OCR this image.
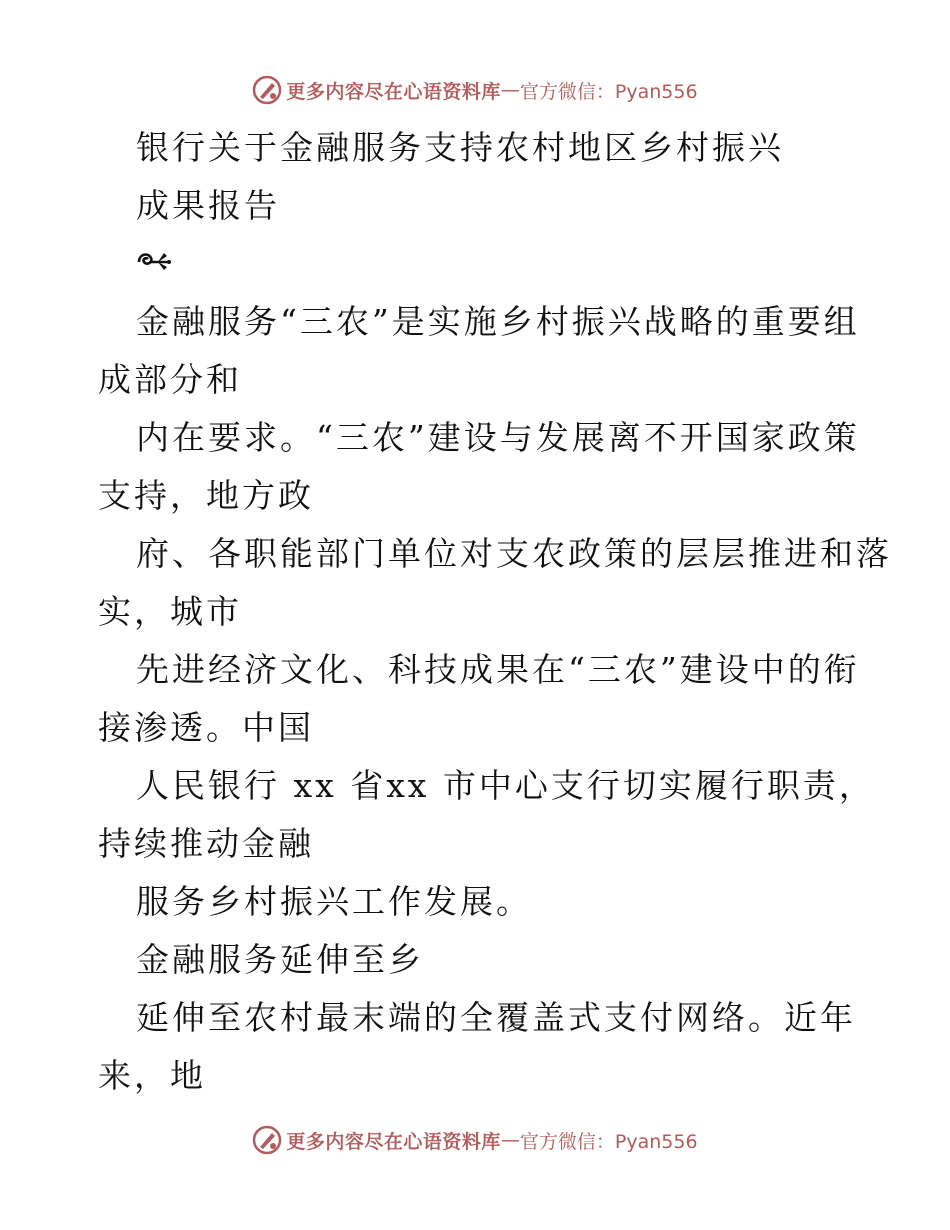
更多内容尽在心语资料库 — 官方微信：Pyan556
银行关于金融服务支持农村地区乡村振兴
成果报告
金融服务“三农”是实施乡村振兴战略的重要组
成部分和
内在要求。“三农”建设与发展离不开国家政策
支持，地方政
府、各职能部门单位对支农政策的层层推进和落
实，城市
先进经济文化、科技成果在“三农”建设中的衔
接渗透。中国
人民银行 xx 省xx 市中心支行切实履行职责，
持续推动金融
服务乡村振兴工作发展。
金融服务延伸至乡
延伸至农村最末端的全覆盖式支付网络。近年
来，地
更多内容尽在心语资料库 — 官方微信：Pyan556
